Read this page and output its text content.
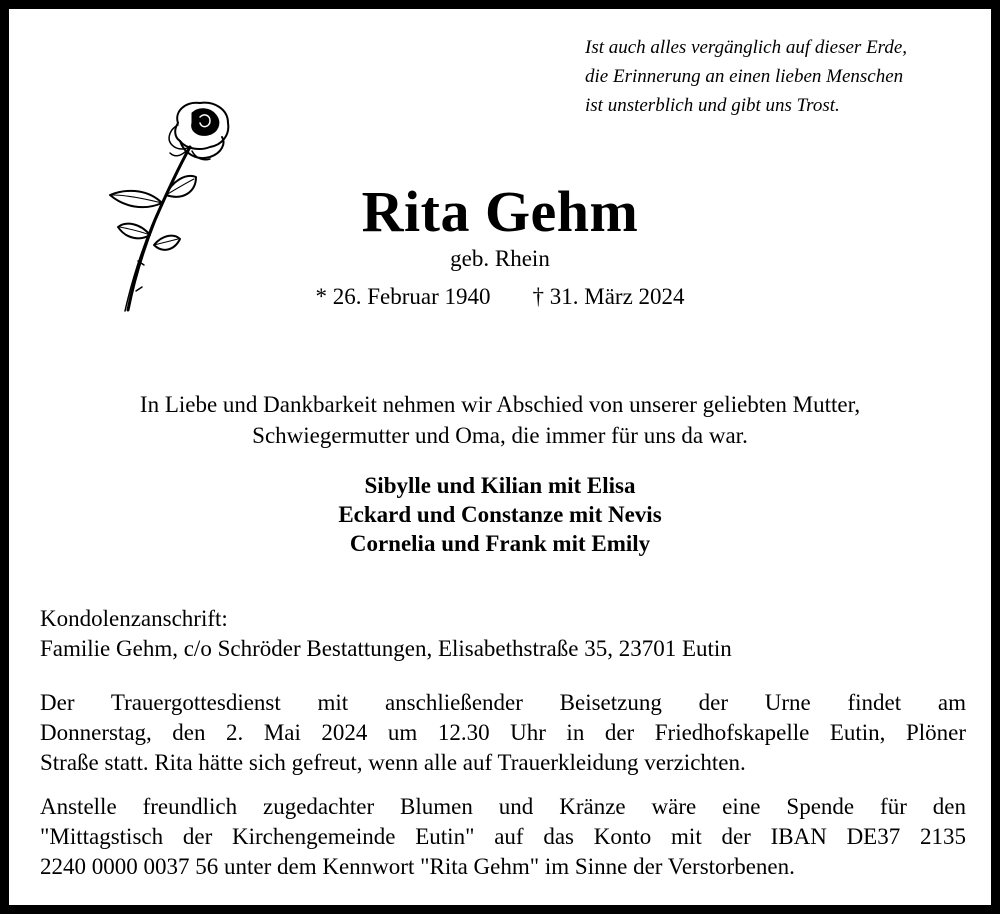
Ist auch alles vergänglich auf dieser Erde,
die Erinnerung an einen lieben Menschen
ist unsterblich und gibt uns Trost.
Rita Gehm
geb. Rhein
* 26. Februar 1940 † 31. März 2024
In Liebe und Dankbarkeit nehmen wir Abschied von unserer geliebten Mutter,
Schwiegermutter und Oma, die immer für uns da war.
Sibylle und Kilian mit Elisa
Eckard und Constanze mit Nevis
Cornelia und Frank mit Emily
Kondolenzanschrift:
Familie Gehm, c/o Schröder Bestattungen, Elisabethstraße 35, 23701 Eutin
Der Trauergottesdienst mit anschließender Beisetzung der Urne findet am
Donnerstag, den 2. Mai 2024 um 12.30 Uhr in der Friedhofskapelle Eutin, Plöner
Straße statt. Rita hätte sich gefreut, wenn alle auf Trauerkleidung verzichten.
Anstelle freundlich zugedachter Blumen und Kränze wäre eine Spende für den
"Mittagstisch der Kirchengemeinde Eutin" auf das Konto mit der IBAN DE37 2135
2240 0000 0037 56 unter dem Kennwort "Rita Gehm" im Sinne der Verstorbenen.
